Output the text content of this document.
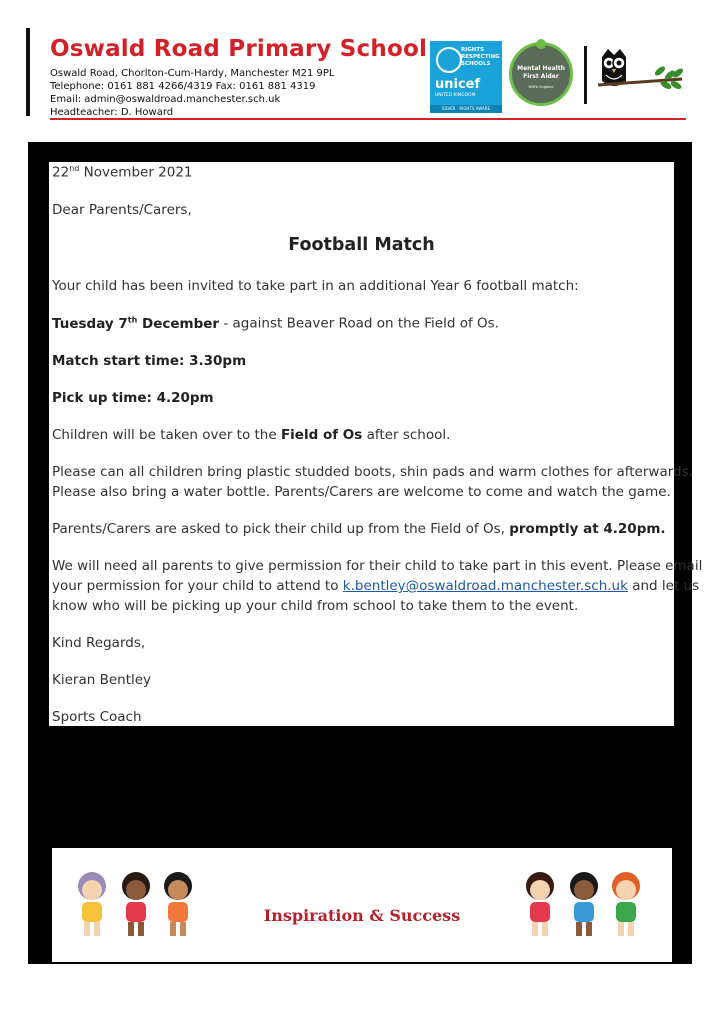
Oswald Road Primary School
Oswald Road, Chorlton-Cum-Hardy, Manchester M21 9PL
Telephone: 0161 881 4266/4319 Fax: 0161 881 4319
Email: admin@oswaldroad.manchester.sch.uk
Headteacher: D. Howard
RIGHTS
RESPECTING
SCHOOLS
unicef
UNITED KINGDOM
SILVER · RIGHTS AWARE
Mental Health First Aider
MHFA England
22nd November 2021
Dear Parents/Carers,
Football Match
Your child has been invited to take part in an additional Year 6 football match:
Tuesday 7th December - against Beaver Road on the Field of Os.
Match start time: 3.30pm
Pick up time: 4.20pm
Children will be taken over to the Field of Os after school.
Please can all children bring plastic studded boots, shin pads and warm clothes for afterwards.
Please also bring a water bottle. Parents/Carers are welcome to come and watch the game.
Parents/Carers are asked to pick their child up from the Field of Os, promptly at 4.20pm.
We will need all parents to give permission for their child to take part in this event. Please email
your permission for your child to attend to k.bentley@oswaldroad.manchester.sch.uk and let us
know who will be picking up your child from school to take them to the event.
Kind Regards,
Kieran Bentley
Sports Coach
Inspiration & Success
